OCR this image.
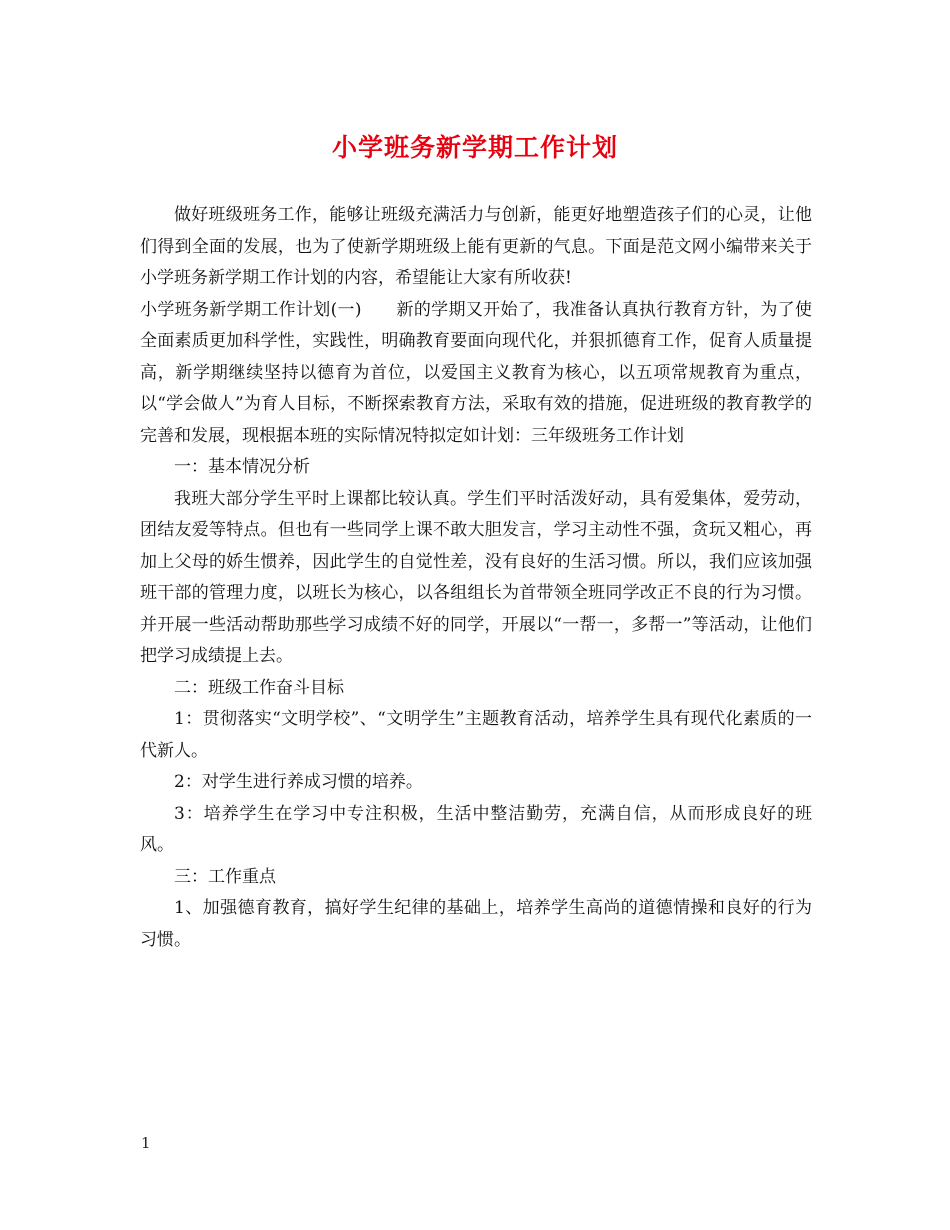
小学班务新学期工作计划

做好班级班务工作，能够让班级充满活力与创新，能更好地塑造孩子们的心灵，让他们得到全面的发展，也为了使新学期班级上能有更新的气息。下面是范文网小编带来关于小学班务新学期工作计划的内容，希望能让大家有所收获!

小学班务新学期工作计划(一)　　新的学期又开始了，我准备认真执行教育方针，为了使全面素质更加科学性，实践性，明确教育要面向现代化，并狠抓德育工作，促育人质量提高，新学期继续坚持以德育为首位，以爱国主义教育为核心，以五项常规教育为重点，以“学会做人”为育人目标，不断探索教育方法，采取有效的措施，促进班级的教育教学的完善和发展，现根据本班的实际情况特拟定如计划：三年级班务工作计划

一：基本情况分析

我班大部分学生平时上课都比较认真。学生们平时活泼好动，具有爱集体，爱劳动，团结友爱等特点。但也有一些同学上课不敢大胆发言，学习主动性不强，贪玩又粗心，再加上父母的娇生惯养，因此学生的自觉性差，没有良好的生活习惯。所以，我们应该加强班干部的管理力度，以班长为核心，以各组组长为首带领全班同学改正不良的行为习惯。并开展一些活动帮助那些学习成绩不好的同学，开展以“一帮一，多帮一”等活动，让他们把学习成绩提上去。

二：班级工作奋斗目标

1：贯彻落实“文明学校”、“文明学生”主题教育活动，培养学生具有现代化素质的一代新人。

2：对学生进行养成习惯的培养。

3：培养学生在学习中专注积极，生活中整洁勤劳，充满自信，从而形成良好的班风。

三：工作重点

1、加强德育教育，搞好学生纪律的基础上，培养学生高尚的道德情操和良好的行为习惯。

1
